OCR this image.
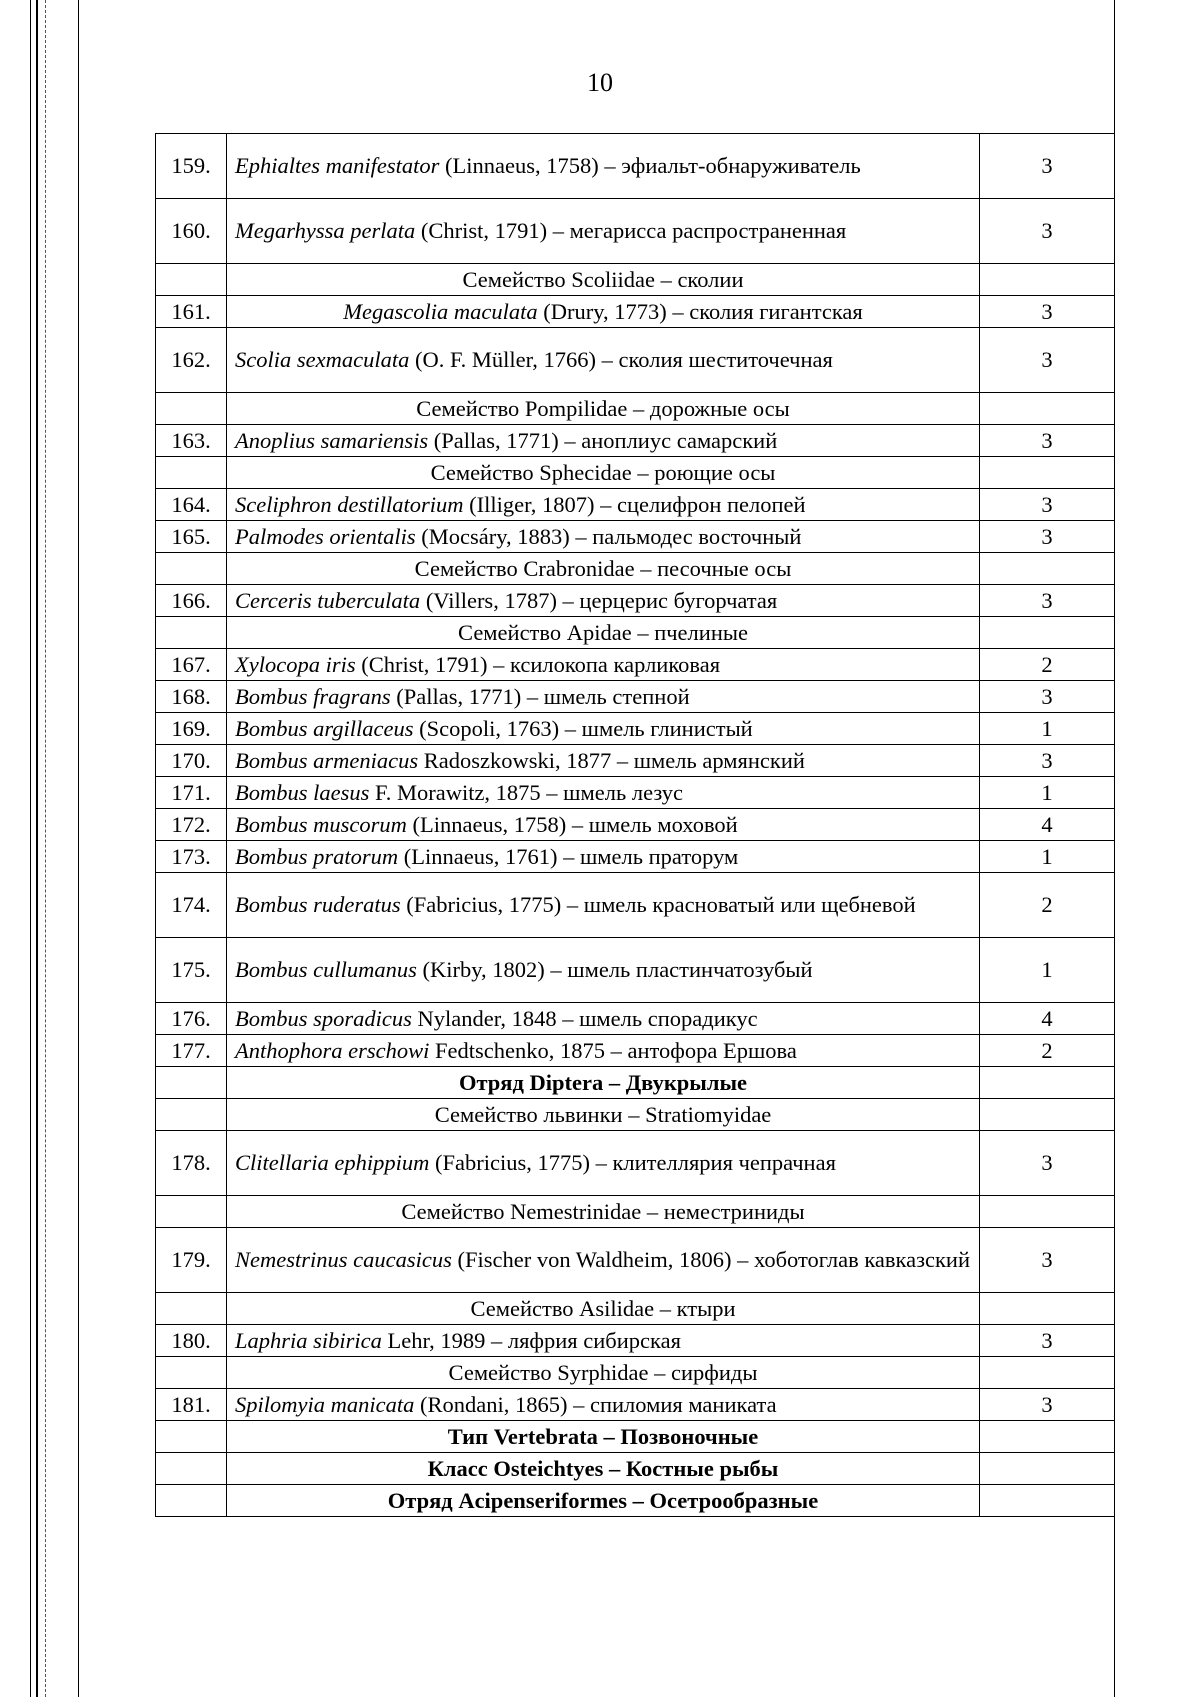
10
159.	Ephialtes manifestator (Linnaeus, 1758) – эфиальт-обнаруживатель	3
160.	Megarhyssa perlata (Christ, 1791) – мегарисса распространенная	3
	Семейство Scoliidae – сколии	
161.	Megascolia maculata (Drury, 1773) – сколия гигантская	3
162.	Scolia sexmaculata (O. F. Müller, 1766) – сколия шеститочечная	3
	Семейство Pompilidae – дорожные осы	
163.	Anoplius samariensis (Pallas, 1771) – аноплиус самарский	3
	Семейство Sphecidae – роющие осы	
164.	Sceliphron destillatorium (Illiger, 1807) – сцелифрон пелопей	3
165.	Palmodes orientalis (Mocsáry, 1883) – пальмодес восточный	3
	Семейство Crabronidae – песочные осы	
166.	Cerceris tuberculata (Villers, 1787) – церцерис бугорчатая	3
	Семейство Apidae – пчелиные	
167.	Xylocopa iris (Christ, 1791) – ксилокопа карликовая	2
168.	Bombus fragrans (Pallas, 1771) – шмель степной	3
169.	Bombus argillaceus (Scopoli, 1763) – шмель глинистый	1
170.	Bombus armeniacus Radoszkowski, 1877 – шмель армянский	3
171.	Bombus laesus F. Morawitz, 1875 – шмель лезус	1
172.	Bombus muscorum (Linnaeus, 1758) – шмель моховой	4
173.	Bombus pratorum (Linnaeus, 1761) – шмель праторум	1
174.	Bombus ruderatus (Fabricius, 1775) – шмель красноватый или щебневой	2
175.	Bombus cullumanus (Kirby, 1802) – шмель пластинчатозубый	1
176.	Bombus sporadicus Nylander, 1848 – шмель спорадикус	4
177.	Anthophora erschowi Fedtschenko, 1875 – антофора Ершова	2
	Отряд Diptera – Двукрылые	
	Семейство львинки – Stratiomyidae	
178.	Clitellaria ephippium (Fabricius, 1775) – клителлярия чепрачная	3
	Семейство Nemestrinidae – неместриниды	
179.	Nemestrinus caucasicus (Fischer von Waldheim, 1806) – хоботоглав кавказский	3
	Семейство Asilidae – ктыри	
180.	Laphria sibirica Lehr, 1989 – ляфрия сибирская	3
	Семейство Syrphidae – сирфиды	
181.	Spilomyia manicata (Rondani, 1865) – спиломия маниката	3
	Тип Vertebrata – Позвоночные	
	Класс Osteichtyes – Костные рыбы	
	Отряд Acipenseriformes – Осетрообразные	
